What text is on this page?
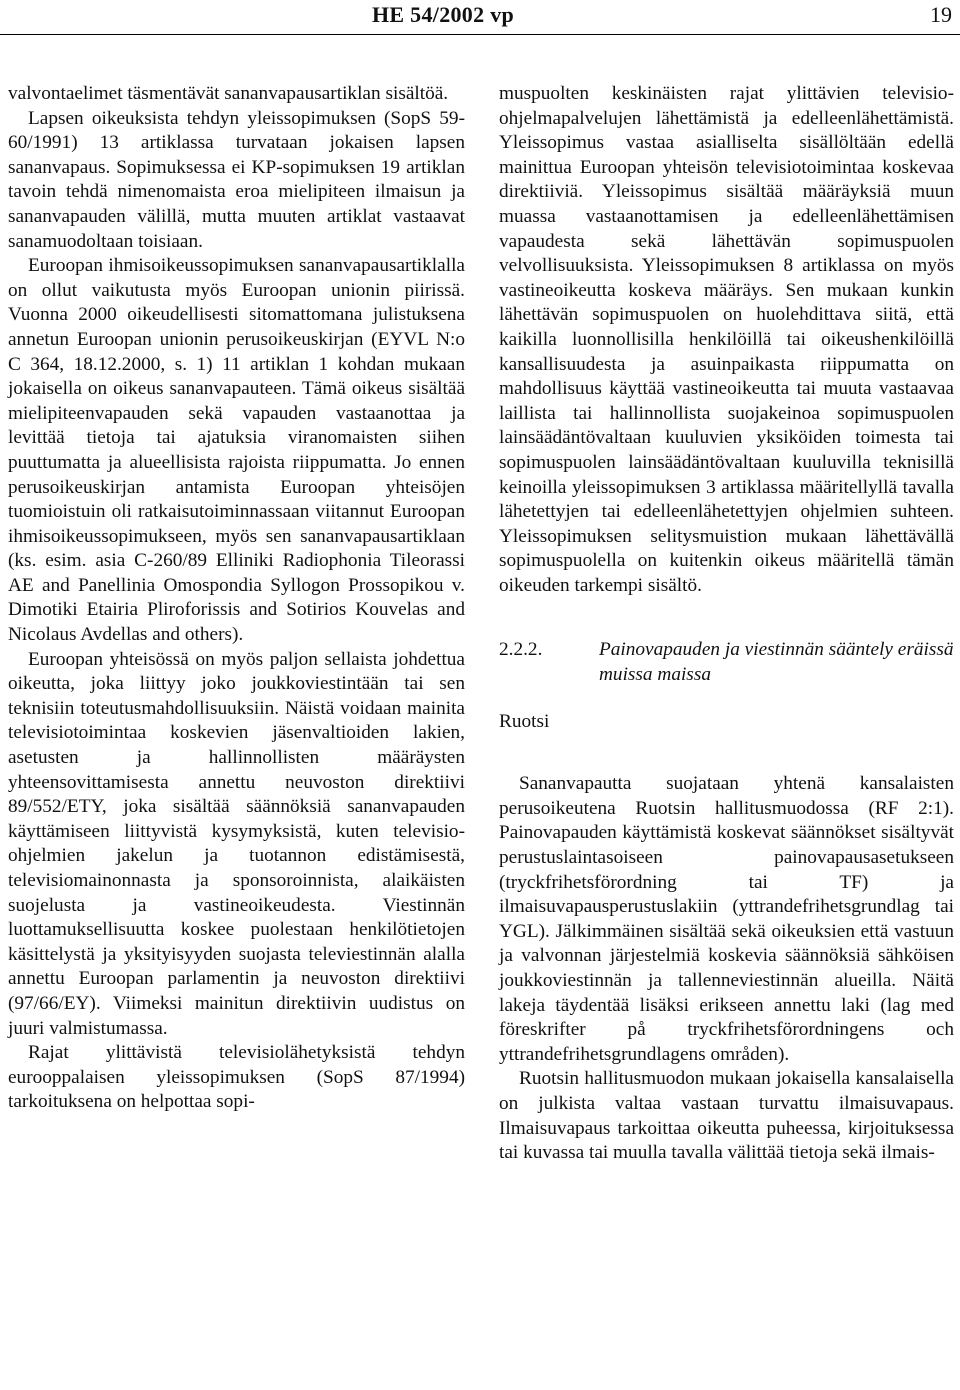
HE 54/2002 vp	19

valvontaelimet täsmentävät sananvapausartiklan sisältöä.

Lapsen oikeuksista tehdyn yleissopimuksen (SopS 59-60/1991) 13 artiklassa turvataan jokaisen lapsen sananvapaus. Sopimuksessa ei KP-sopimuksen 19 artiklan tavoin tehdä nimenomaista eroa mielipiteen ilmaisun ja sananvapauden välillä, mutta muuten artiklat vastaavat sanamuodoltaan toisiaan.

Euroopan ihmisoikeussopimuksen sananvapausartiklalla on ollut vaikutusta myös Euroopan unionin piirissä. Vuonna 2000 oikeudellisesti sitomattomana julistuksena annetun Euroopan unionin perusoikeuskirjan (EYVL N:o C 364, 18.12.2000, s. 1) 11 artiklan 1 kohdan mukaan jokaisella on oikeus sananvapauteen. Tämä oikeus sisältää mielipiteenvapauden sekä vapauden vastaanottaa ja levittää tietoja tai ajatuksia viranomaisten siihen puuttumatta ja alueellisista rajoista riippumatta. Jo ennen perusoikeuskirjan antamista Euroopan yhteisöjen tuomioistuin oli ratkaisutoiminnassaan viitannut Euroopan ihmisoikeussopimukseen, myös sen sananvapausartiklaan (ks. esim. asia C-260/89 Elliniki Radiophonia Tileorassi AE and Panellinia Omospondia Syllogon Prossopikou v. Dimotiki Etairia Pliroforissis and Sotirios Kouvelas and Nicolaus Avdellas and others).

Euroopan yhteisössä on myös paljon sellaista johdettua oikeutta, joka liittyy joko joukkoviestintään tai sen teknisiin toteutusmahdollisuuksiin. Näistä voidaan mainita televisiotoimintaa koskevien jäsenvaltioiden lakien, asetusten ja hallinnollisten määräysten yhteensovittamisesta annettu neuvoston direktiivi 89/552/ETY, joka sisältää säännöksiä sananvapauden käyttämiseen liittyvistä kysymyksistä, kuten televisio-ohjelmien jakelun ja tuotannon edistämisestä, televisiomainonnasta ja sponsoroinnista, alaikäisten suojelusta ja vastineoikeudesta. Viestinnän luottamuksellisuutta koskee puolestaan henkilötietojen käsittelystä ja yksityisyyden suojasta televiestinnän alalla annettu Euroopan parlamentin ja neuvoston direktiivi (97/66/EY). Viimeksi mainitun direktiivin uudistus on juuri valmistumassa.

Rajat ylittävistä televisiolähetyksistä tehdyn eurooppalaisen yleissopimuksen (SopS 87/1994) tarkoituksena on helpottaa sopi-

muspuolten keskinäisten rajat ylittävien televisio-ohjelmapalvelujen lähettämistä ja edelleenlähettämistä. Yleissopimus vastaa asialliselta sisällöltään edellä mainittua Euroopan yhteisön televisiotoimintaa koskevaa direktiiviä. Yleissopimus sisältää määräyksiä muun muassa vastaanottamisen ja edelleenlähettämisen vapaudesta sekä lähettävän sopimuspuolen velvollisuuksista. Yleissopimuksen 8 artiklassa on myös vastineoikeutta koskeva määräys. Sen mukaan kunkin lähettävän sopimuspuolen on huolehdittava siitä, että kaikilla luonnollisilla henkilöillä tai oikeushenkilöillä kansallisuudesta ja asuinpaikasta riippumatta on mahdollisuus käyttää vastineoikeutta tai muuta vastaavaa laillista tai hallinnollista suojakeinoa sopimuspuolen lainsäädäntövaltaan kuuluvien yksiköiden toimesta tai sopimuspuolen lainsäädäntövaltaan kuuluvilla teknisillä keinoilla yleissopimuksen 3 artiklassa määritellyllä tavalla lähetettyjen tai edelleenlähetettyjen ohjelmien suhteen. Yleissopimuksen selitysmuistion mukaan lähettävällä sopimuspuolella on kuitenkin oikeus määritellä tämän oikeuden tarkempi sisältö.

2.2.2.	Painovapauden ja viestinnän sääntely eräissä muissa maissa
Ruotsi

Sananvapautta suojataan yhtenä kansalaisten perusoikeutena Ruotsin hallitusmuodossa (RF 2:1). Painovapauden käyttämistä koskevat säännökset sisältyvät perustuslaintasoiseen painovapausasetukseen (tryckfrihetsförordning tai TF) ja ilmaisuvapausperustuslakiin (yttrandefrihetsgrundlag tai YGL). Jälkimmäinen sisältää sekä oikeuksien että vastuun ja valvonnan järjestelmiä koskevia säännöksiä sähköisen joukkoviestinnän ja tallenneviestinnän alueilla. Näitä lakeja täydentää lisäksi erikseen annettu laki (lag med föreskrifter på tryckfrihetsförordningens och yttrandefrihetsgrundlagens områden).

Ruotsin hallitusmuodon mukaan jokaisella kansalaisella on julkista valtaa vastaan turvattu ilmaisuvapaus. Ilmaisuvapaus tarkoittaa oikeutta puheessa, kirjoituksessa tai kuvassa tai muulla tavalla välittää tietoja sekä ilmais-
